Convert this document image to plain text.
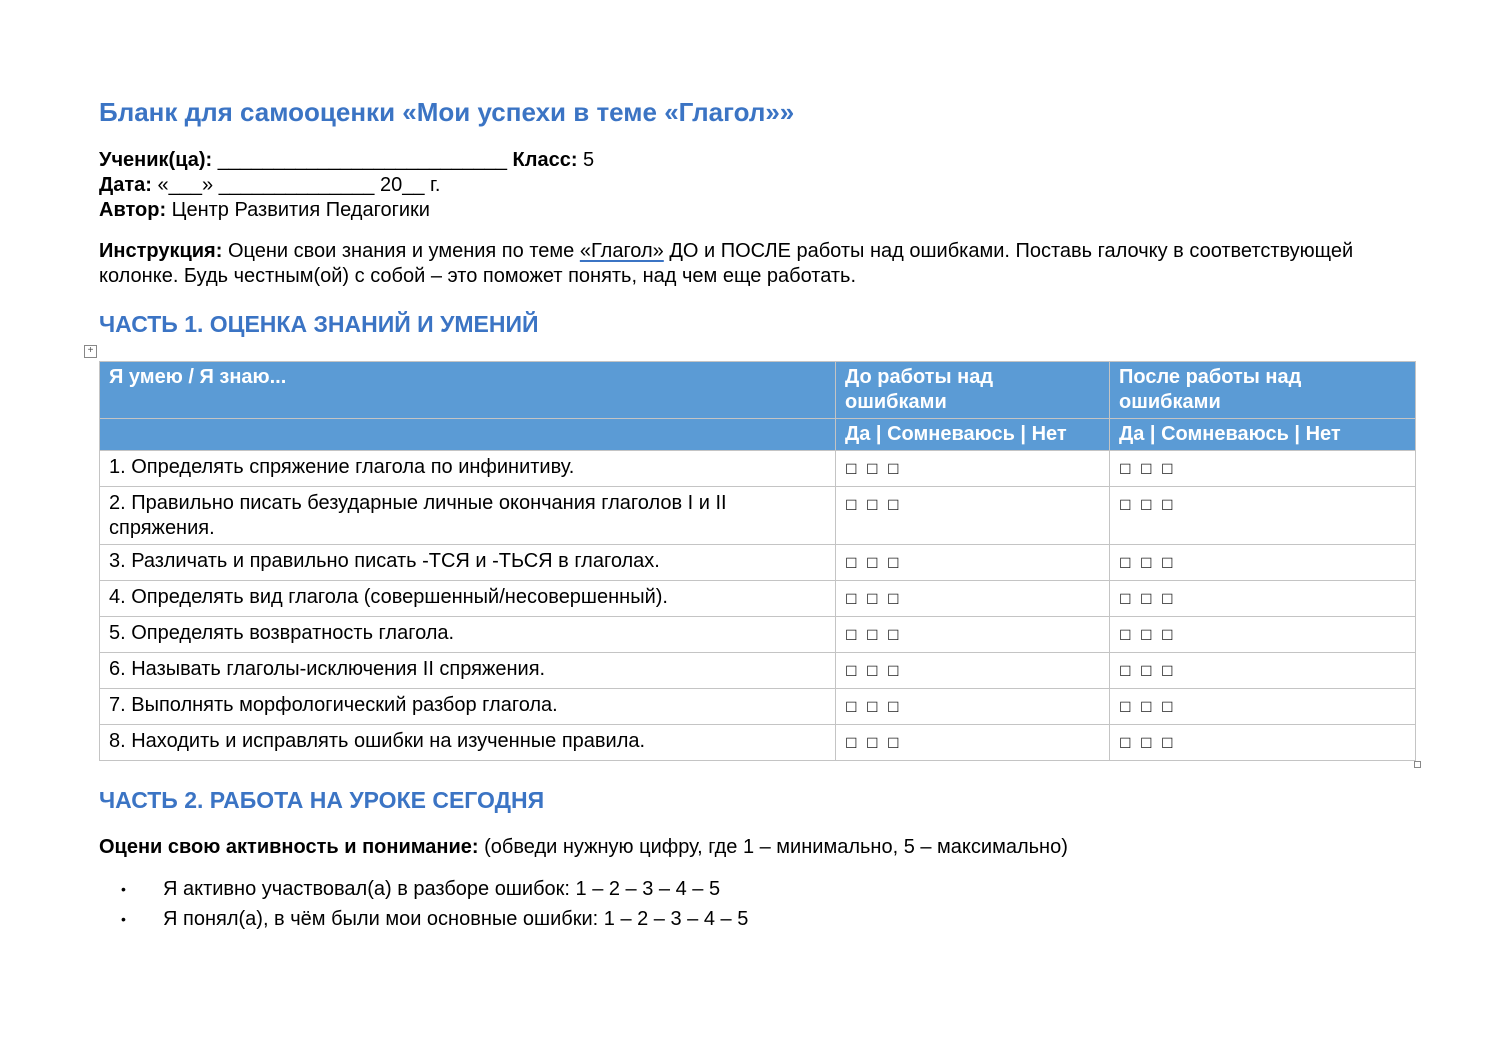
Бланк для самооценки «Мои успехи в теме «Глагол»»
Ученик(ца): __________________________ Класс: 5
Дата: «___» ______________ 20__ г.
Автор: Центр Развития Педагогики
Инструкция: Оцени свои знания и умения по теме «Глагол» ДО и ПОСЛЕ работы над ошибками. Поставь галочку в соответствующей колонке. Будь честным(ой) с собой – это поможет понять, над чем еще работать.
ЧАСТЬ 1. ОЦЕНКА ЗНАНИЙ И УМЕНИЙ
+
Я умею / Я знаю...	До работы над ошибками	После работы над ошибками
	Да | Сомневаюсь | Нет	Да | Сомневаюсь | Нет
1. Определять спряжение глагола по инфинитиву.	☐ ☐ ☐	☐ ☐ ☐
2. Правильно писать безударные личные окончания глаголов I и II спряжения.	☐ ☐ ☐	☐ ☐ ☐
3. Различать и правильно писать -ТСЯ и -ТЬСЯ в глаголах.	☐ ☐ ☐	☐ ☐ ☐
4. Определять вид глагола (совершенный/несовершенный).	☐ ☐ ☐	☐ ☐ ☐
5. Определять возвратность глагола.	☐ ☐ ☐	☐ ☐ ☐
6. Называть глаголы-исключения II спряжения.	☐ ☐ ☐	☐ ☐ ☐
7. Выполнять морфологический разбор глагола.	☐ ☐ ☐	☐ ☐ ☐
8. Находить и исправлять ошибки на изученные правила.	☐ ☐ ☐	☐ ☐ ☐
ЧАСТЬ 2. РАБОТА НА УРОКЕ СЕГОДНЯ
Оцени свою активность и понимание: (обведи нужную цифру, где 1 – минимально, 5 – максимально)
• Я активно участвовал(а) в разборе ошибок: 1 – 2 – 3 – 4 – 5
• Я понял(а), в чём были мои основные ошибки: 1 – 2 – 3 – 4 – 5
